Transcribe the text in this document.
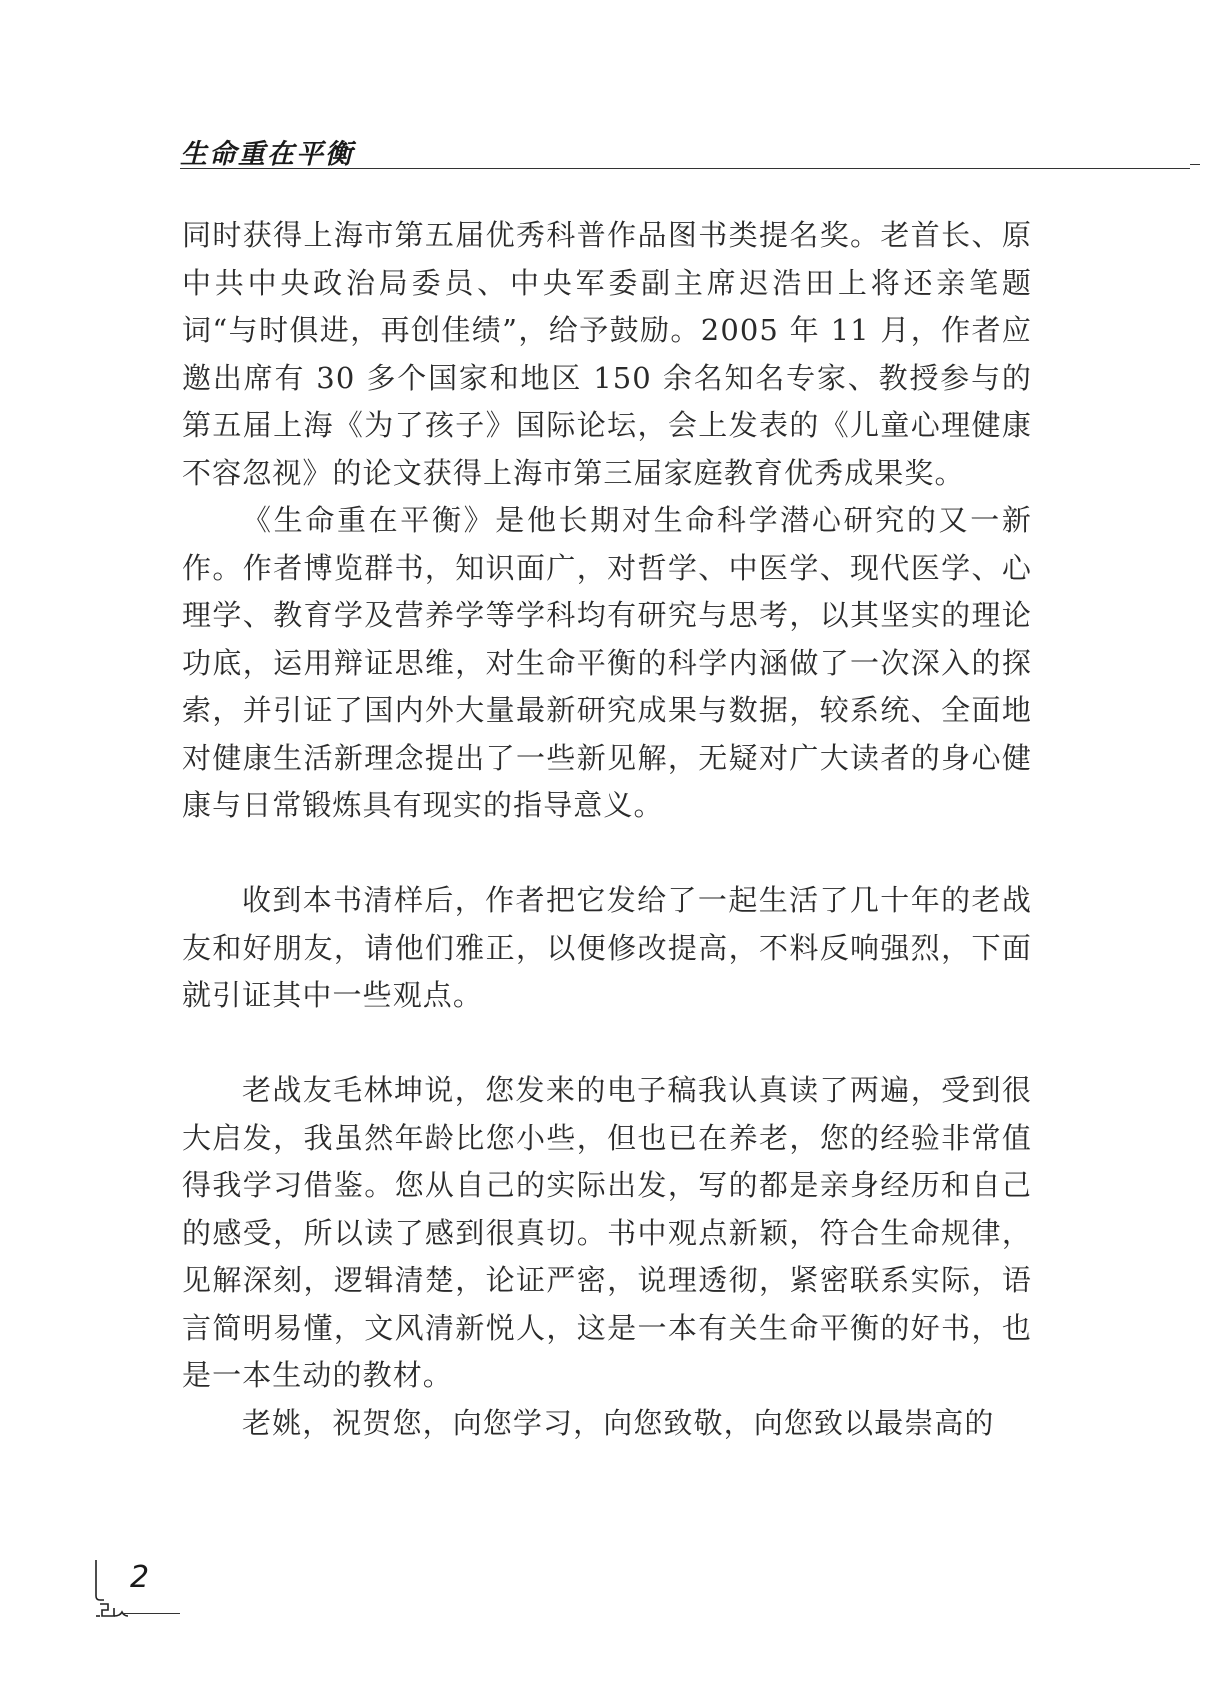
生命重在平衡

同时获得上海市第五届优秀科普作品图书类提名奖。老首长、原中共中央政治局委员、中央军委副主席迟浩田上将还亲笔题词“与时俱进，再创佳绩”，给予鼓励。2005 年 11 月，作者应邀出席有 30 多个国家和地区 150 余名知名专家、教授参与的第五届上海《为了孩子》国际论坛，会上发表的《儿童心理健康不容忽视》的论文获得上海市第三届家庭教育优秀成果奖。

《生命重在平衡》是他长期对生命科学潜心研究的又一新作。作者博览群书，知识面广，对哲学、中医学、现代医学、心理学、教育学及营养学等学科均有研究与思考，以其坚实的理论功底，运用辩证思维，对生命平衡的科学内涵做了一次深入的探索，并引证了国内外大量最新研究成果与数据，较系统、全面地对健康生活新理念提出了一些新见解，无疑对广大读者的身心健康与日常锻炼具有现实的指导意义。

收到本书清样后，作者把它发给了一起生活了几十年的老战友和好朋友，请他们雅正，以便修改提高，不料反响强烈，下面就引证其中一些观点。

老战友毛林坤说，您发来的电子稿我认真读了两遍，受到很大启发，我虽然年龄比您小些，但也已在养老，您的经验非常值得我学习借鉴。您从自己的实际出发，写的都是亲身经历和自己的感受，所以读了感到很真切。书中观点新颖，符合生命规律，见解深刻，逻辑清楚，论证严密，说理透彻，紧密联系实际，语言简明易懂，文风清新悦人，这是一本有关生命平衡的好书，也是一本生动的教材。

老姚，祝贺您，向您学习，向您致敬，向您致以最崇高的

2
